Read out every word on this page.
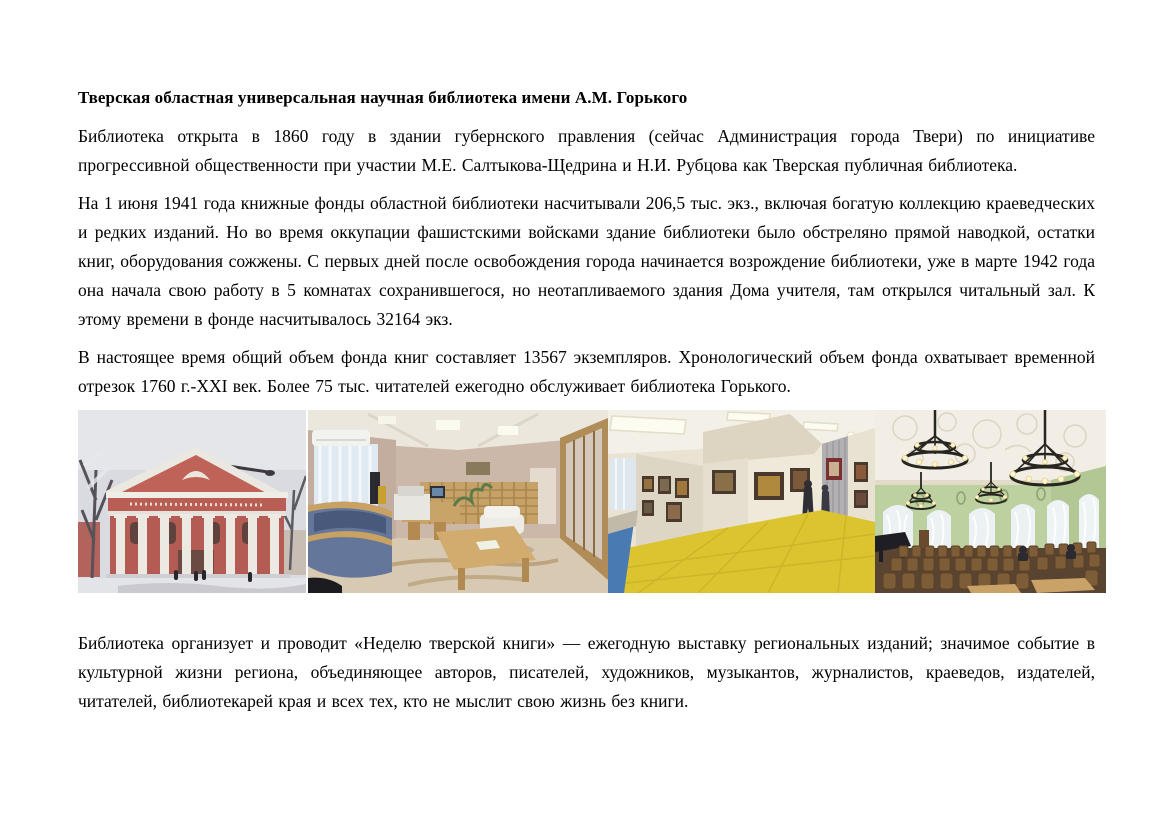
Тверская областная универсальная научная библиотека имени А.М. Горького

Библиотека открыта в 1860 году в здании губернского правления (сейчас Администрация города Твери) по инициативе прогрессивной общественности при участии М.Е. Салтыкова-Щедрина и Н.И. Рубцова как Тверская публичная библиотека.

На 1 июня 1941 года книжные фонды областной библиотеки насчитывали 206,5 тыс. экз., включая богатую коллекцию краеведческих и редких изданий. Но во время оккупации фашистскими войсками здание библиотеки было обстреляно прямой наводкой, остатки книг, оборудования сожжены. С первых дней после освобождения города начинается возрождение библиотеки, уже в марте 1942 года она начала свою работу в 5 комнатах сохранившегося, но неотапливаемого здания Дома учителя, там открылся читальный зал. К этому времени в фонде насчитывалось 32164 экз.

В настоящее время общий объем фонда книг составляет 13567 экземпляров. Хронологический объем фонда охватывает временной отрезок 1760 г.-XXI век. Более 75 тыс. читателей ежегодно обслуживает библиотека Горького.

Библиотека организует и проводит «Неделю тверской книги» — ежегодную выставку региональных изданий; значимое событие в культурной жизни региона, объединяющее авторов, писателей, художников, музыкантов, журналистов, краеведов, издателей, читателей, библиотекарей края и всех тех, кто не мыслит свою жизнь без книги.
